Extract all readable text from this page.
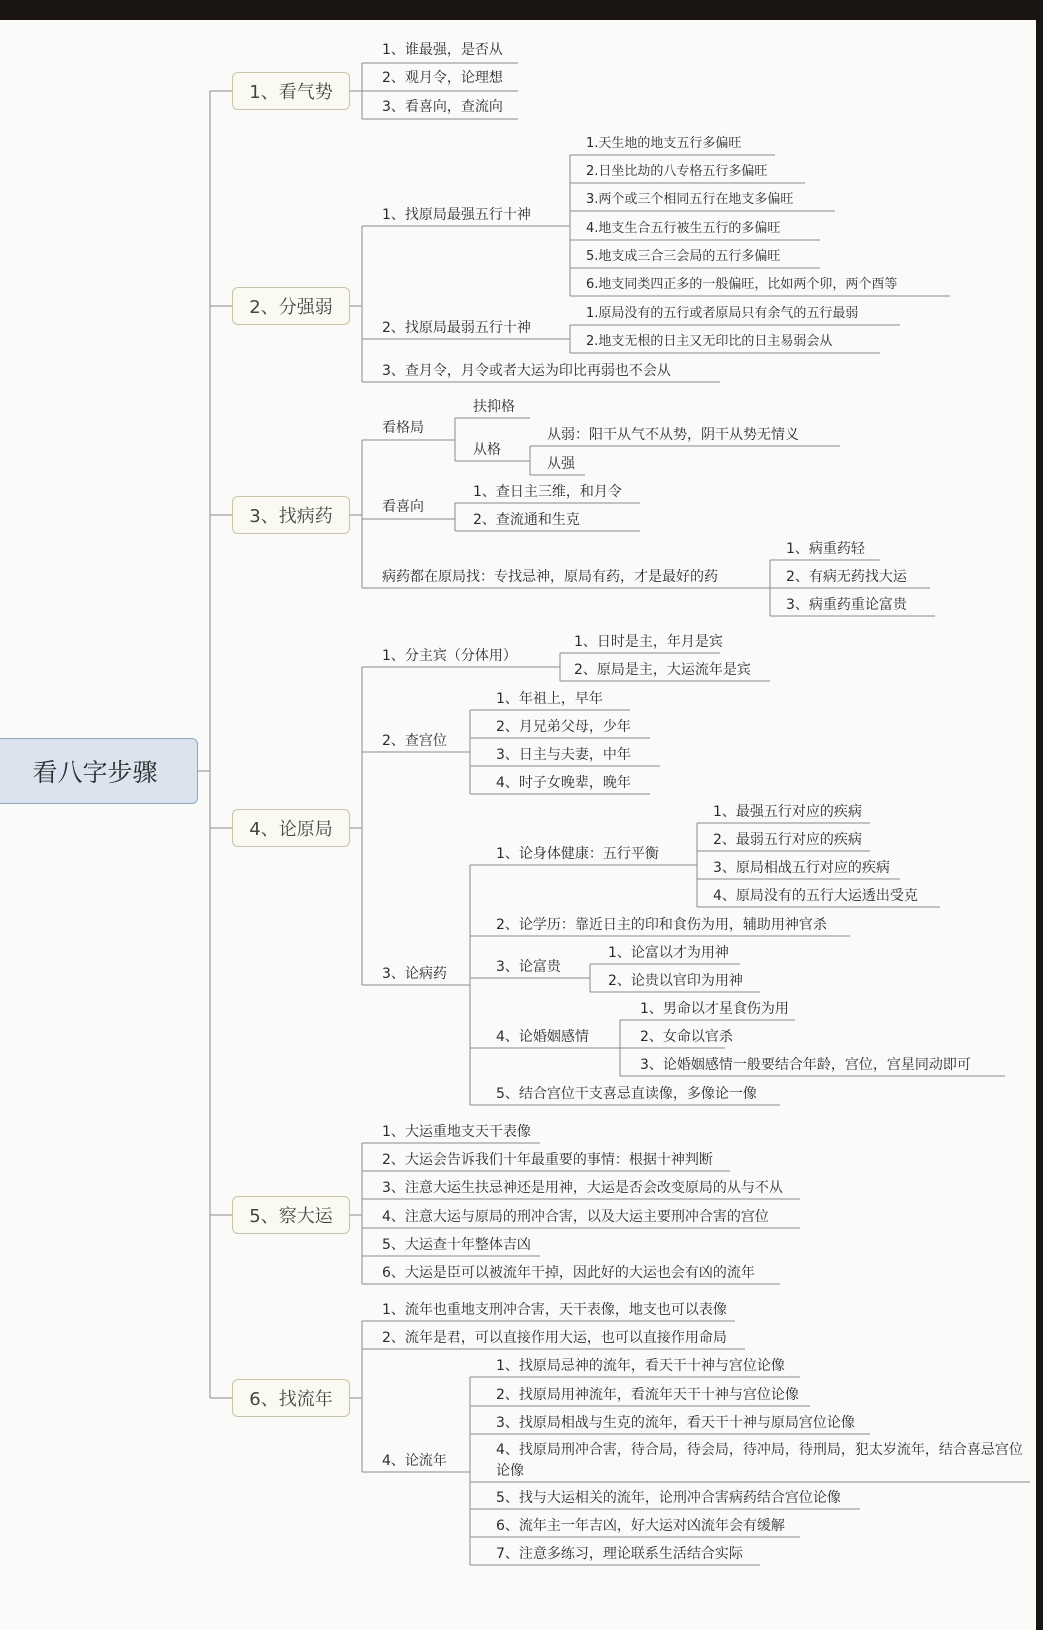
看八字步骤
1、看气势
1、谁最强，是否从
2、观月令，论理想
3、看喜向，查流向
2、分强弱
1、找原局最强五行十神
1.天生地的地支五行多偏旺
2.日坐比劫的八专格五行多偏旺
3.两个或三个相同五行在地支多偏旺
4.地支生合五行被生五行的多偏旺
5.地支成三合三会局的五行多偏旺
6.地支同类四正多的一般偏旺，比如两个卯，两个酉等
2、找原局最弱五行十神
1.原局没有的五行或者原局只有余气的五行最弱
2.地支无根的日主又无印比的日主易弱会从
3、查月令，月令或者大运为印比再弱也不会从
3、找病药
看格局
扶抑格
从格
从弱：阳干从气不从势，阴干从势无情义
从强
看喜向
1、查日主三维，和月令
2、查流通和生克
病药都在原局找：专找忌神，原局有药，才是最好的药
1、病重药轻
2、有病无药找大运
3、病重药重论富贵
4、论原局
1、分主宾（分体用）
1、日时是主，年月是宾
2、原局是主，大运流年是宾
2、查宫位
1、年祖上，早年
2、月兄弟父母，少年
3、日主与夫妻，中年
4、时子女晚辈，晚年
3、论病药
1、论身体健康：五行平衡
1、最强五行对应的疾病
2、最弱五行对应的疾病
3、原局相战五行对应的疾病
4、原局没有的五行大运透出受克
2、论学历：靠近日主的印和食伤为用，辅助用神官杀
3、论富贵
1、论富以才为用神
2、论贵以官印为用神
4、论婚姻感情
1、男命以才星食伤为用
2、女命以官杀
3、论婚姻感情一般要结合年龄，宫位，宫星同动即可
5、结合宫位干支喜忌直读像，多像论一像
5、察大运
1、大运重地支天干表像
2、大运会告诉我们十年最重要的事情：根据十神判断
3、注意大运生扶忌神还是用神，大运是否会改变原局的从与不从
4、注意大运与原局的刑冲合害，以及大运主要刑冲合害的宫位
5、大运查十年整体吉凶
6、大运是臣可以被流年干掉，因此好的大运也会有凶的流年
6、找流年
1、流年也重地支刑冲合害，天干表像，地支也可以表像
2、流年是君，可以直接作用大运，也可以直接作用命局
4、论流年
1、找原局忌神的流年，看天干十神与宫位论像
2、找原局用神流年，看流年天干十神与宫位论像
3、找原局相战与生克的流年，看天干十神与原局宫位论像
4、找原局刑冲合害，待合局，待会局，待冲局，待刑局，犯太岁流年，结合喜忌宫位论像
5、找与大运相关的流年，论刑冲合害病药结合宫位论像
6、流年主一年吉凶，好大运对凶流年会有缓解
7、注意多练习，理论联系生活结合实际
